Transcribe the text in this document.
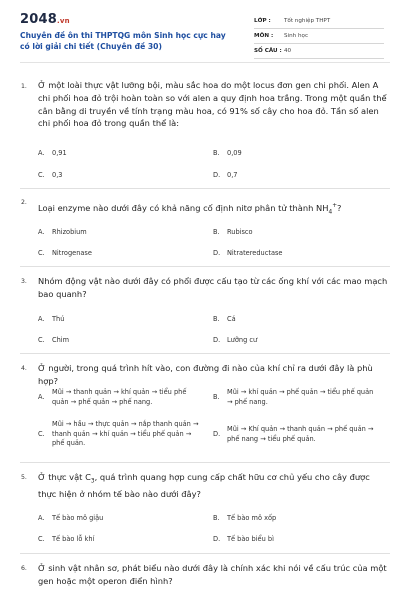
2048.vn
Chuyên đề ôn thi THPTQG môn Sinh học cực hay có lời giải chi tiết (Chuyên đề 30)
LỚP :	Tốt nghiệp THPT
MÔN :	Sinh học
SỐ CÂU : 40
1. Ở một loài thực vật lưỡng bội, màu sắc hoa do một locus đơn gen chi phối. Alen A chi phối hoa đỏ trội hoàn toàn so với alen a quy định hoa trắng. Trong một quần thể cân bằng di truyền về tính trạng màu hoa, có 91% số cây cho hoa đỏ. Tần số alen chi phối hoa đỏ trong quần thể là:
A.	0,91	B.	0,09
C.	0,3	D.	0,7
2.
Loại enzyme nào dưới đây có khả năng cố định nitơ phân tử thành $NH_4^+$?
A.	Rhizobium	B.	Rubisco
C.	Nitrogenase	D.	Nitratereductase
3. Nhóm động vật nào dưới đây có phổi được cấu tạo từ các ống khí với các mao mạch bao quanh?
A.	Thú	B.	Cá
C.	Chim	D.	Lưỡng cư
4. Ở người, trong quá trình hít vào, con đường đi nào của khí chỉ ra dưới đây là phù hợp?
A.
Mũi → thanh quản → khí quản → tiểu phế quản → phế quản → phế nang.
B.
Mũi → khí quản → phế quản → tiểu phế quản → phế nang.
C.
Mũi → hầu → thực quản → nắp thanh quản → thanh quản → khí quản → tiểu phế quản → phế quản.
D.
Mũi → Khí quản → thanh quản → phế quản → phế nang → tiểu phế quản.
5. Ở thực vật $C_3$, quá trình quang hợp cung cấp chất hữu cơ chủ yếu cho cây được thực hiện ở nhóm tế bào nào dưới đây?
A.	Tế bào mô giậu	B.	Tế bào mô xốp
C.	Tế bào lỗ khí	D.	Tế bào biểu bì
6. Ở sinh vật nhân sơ, phát biểu nào dưới đây là chính xác khi nói về cấu trúc của một gen hoặc một operon điển hình?
